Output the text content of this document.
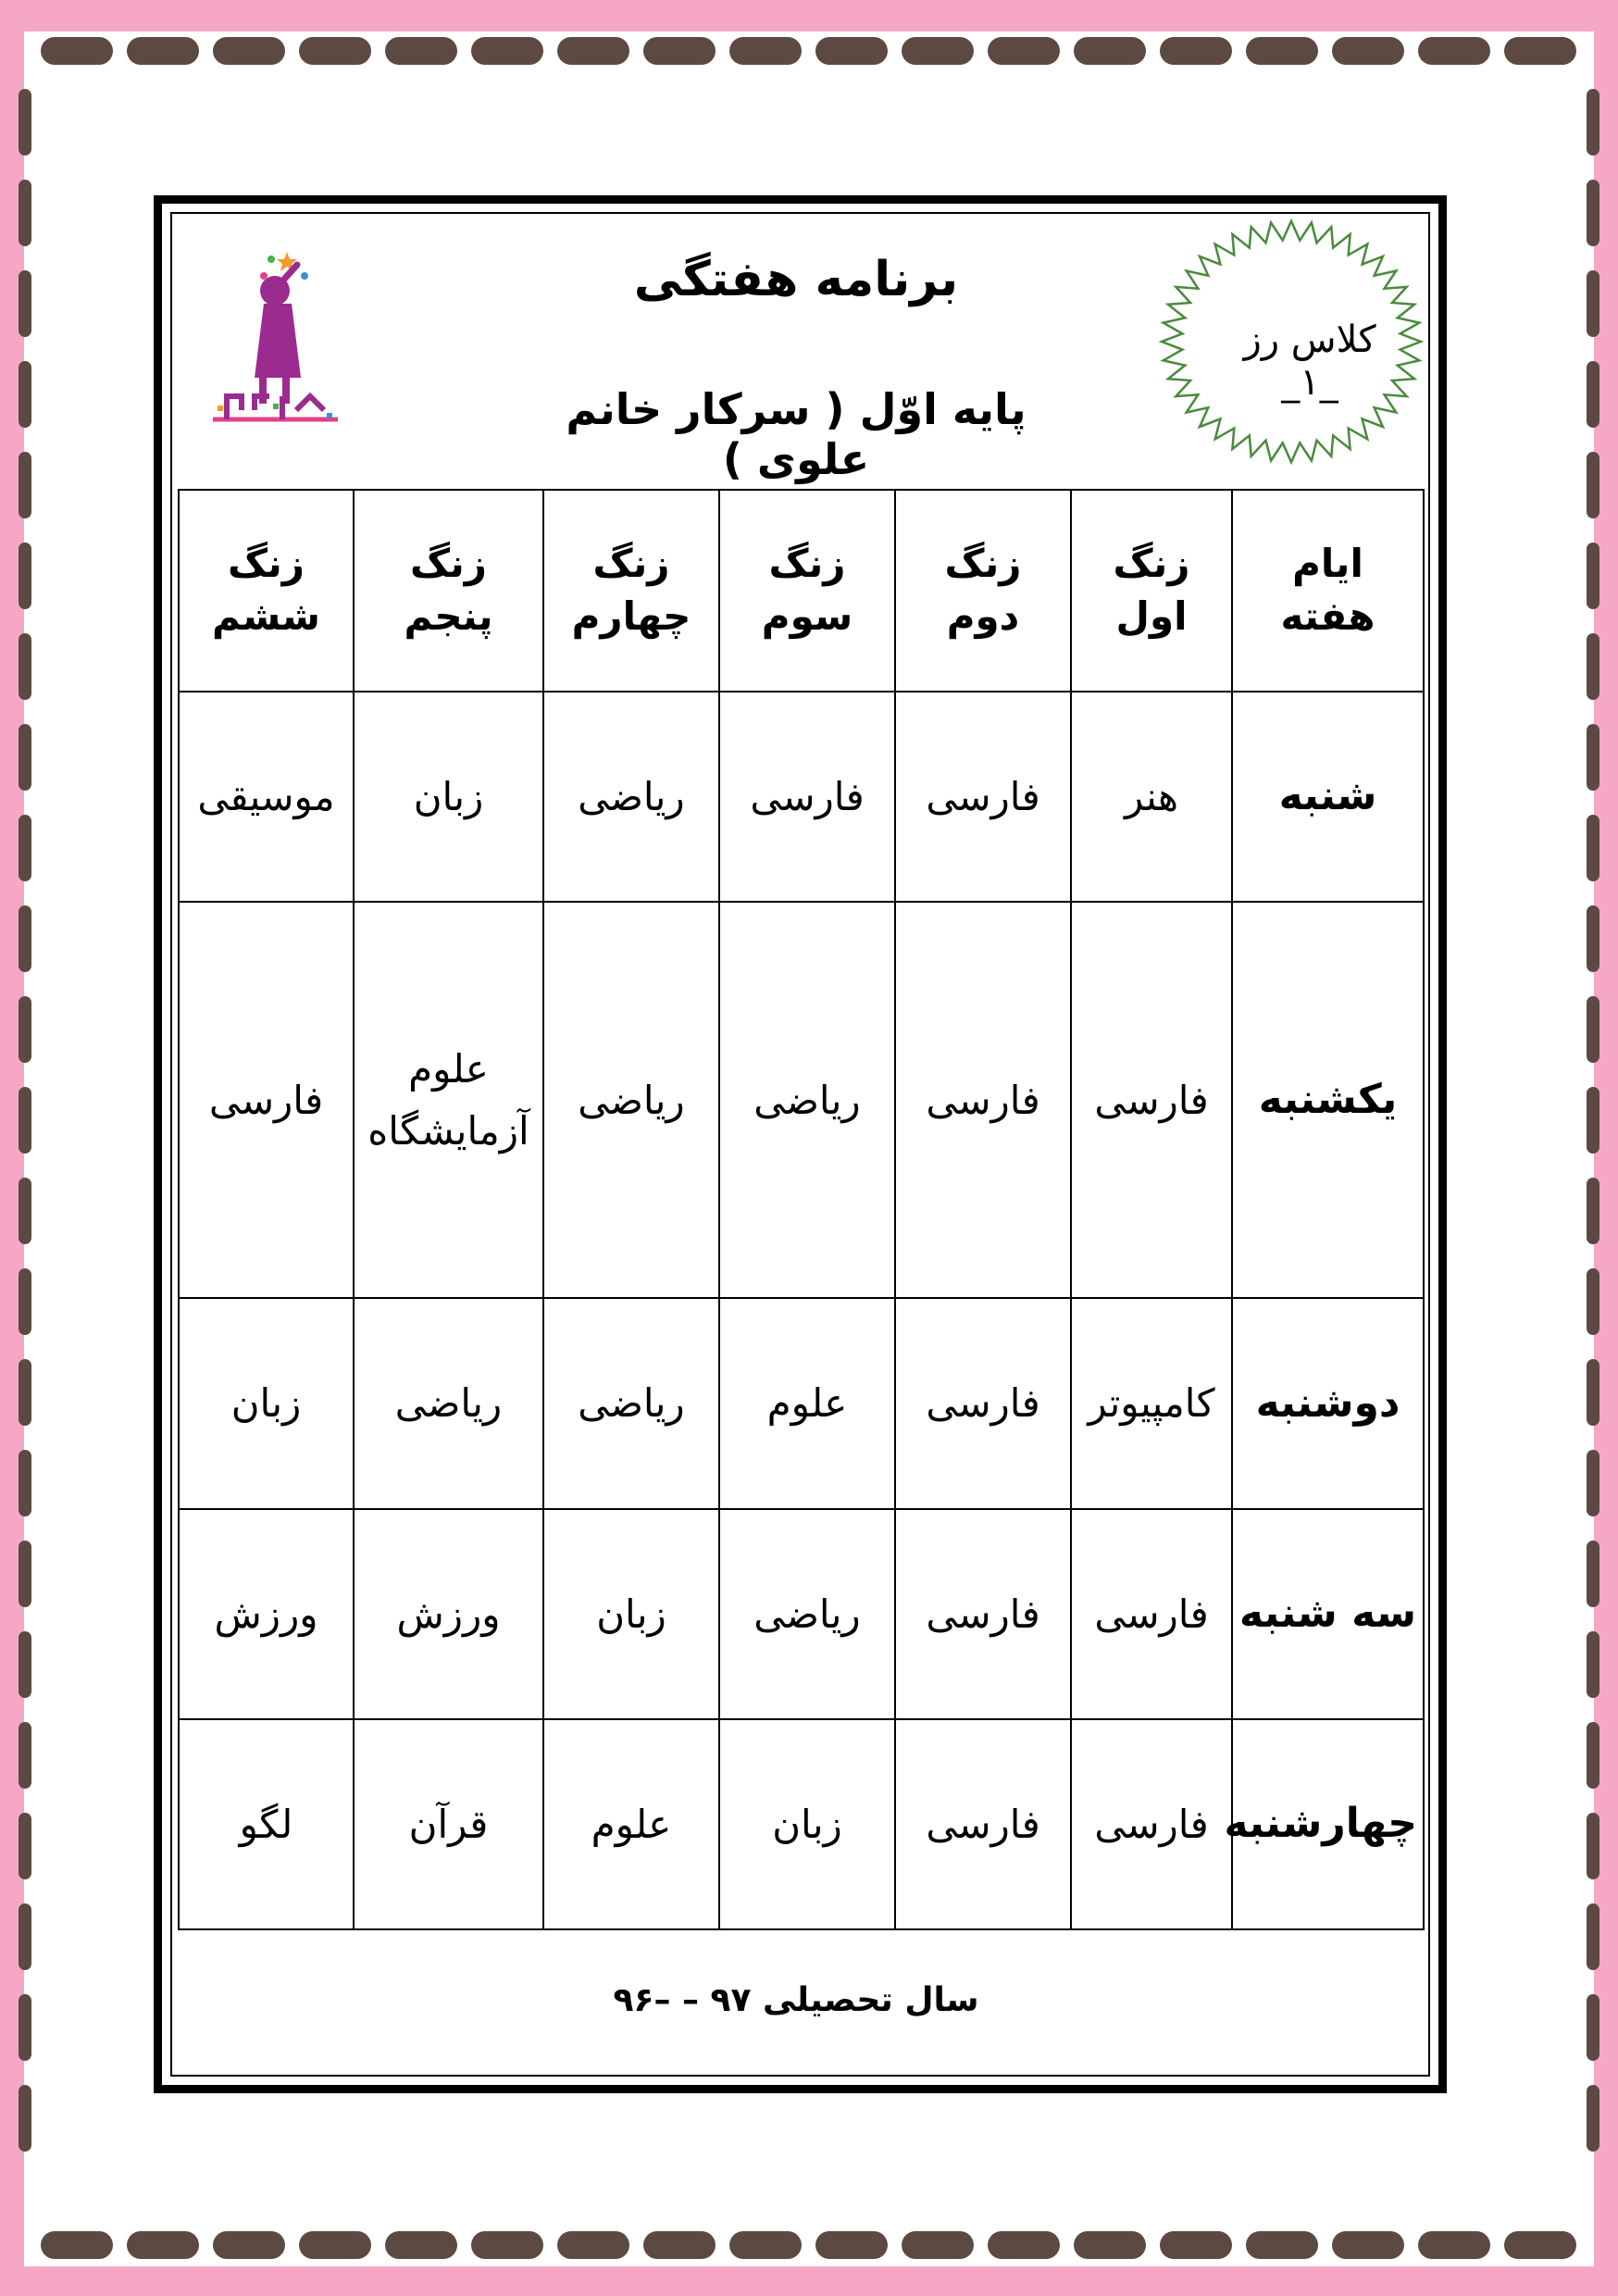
برنامه هفتگی
پایه اوّل ( سرکار خانم علوی )
کلاس رز _۱_
ایام هفته	زنگ اول	زنگ دوم	زنگ سوم	زنگ چهارم	زنگ پنجم	زنگ ششم
شنبه	هنر	فارسی	فارسی	ریاضی	زبان	موسیقی
یکشنبه	فارسی	فارسی	ریاضی	ریاضی	علوم آزمایشگاه	فارسی
دوشنبه	کامپیوتر	فارسی	علوم	ریاضی	ریاضی	زبان
سه شنبه	فارسی	فارسی	ریاضی	زبان	ورزش	ورزش
چهارشنبه	فارسی	فارسی	زبان	علوم	قرآن	لگو
سال تحصیلی ۹۷ – –۹۶
